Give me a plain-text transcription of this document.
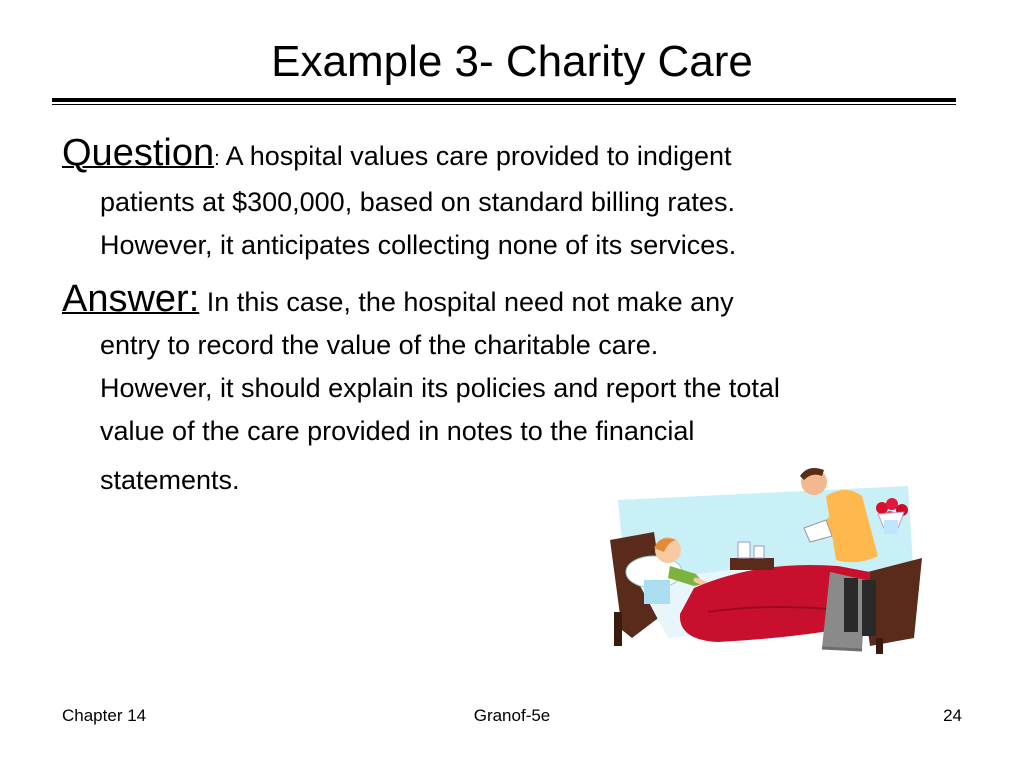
Example 3- Charity Care
Question: A hospital values care provided to indigent
patients at $300,000, based on standard billing rates.
However, it anticipates collecting none of its services.
Answer: In this case, the hospital need not make any
entry to record the value of the charitable care.
However, it should explain its policies and report the total
value of the care provided in notes to the financial
statements.
Chapter 14	Granof-5e	24
